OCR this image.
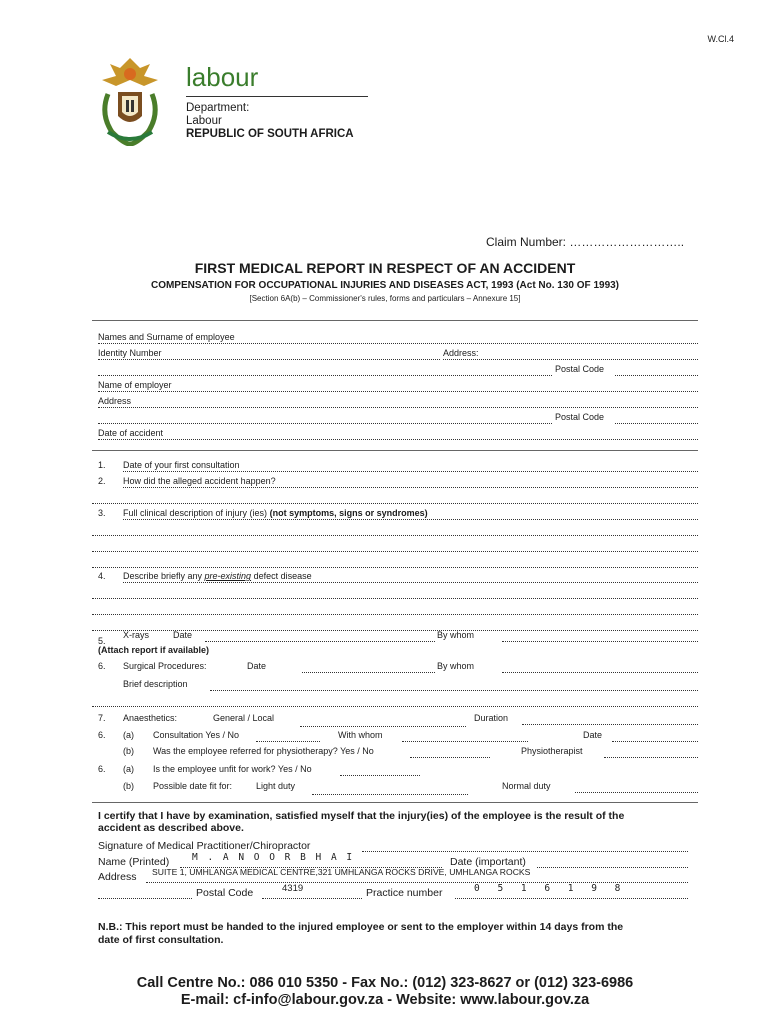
W.Cl.4
labour
Department:
Labour
REPUBLIC OF SOUTH AFRICA
Claim Number: ………………………..
FIRST MEDICAL REPORT IN RESPECT OF AN ACCIDENT
COMPENSATION FOR OCCUPATIONAL INJURIES AND DISEASES ACT, 1993 (Act No. 130 OF 1993)
[Section 6A(b) – Commissioner's rules, forms and particulars – Annexure 15]
Names and Surname of employee
Identity Number	Address:
Postal Code
Name of employer
Address
Postal Code
Date of accident
1. Date of your first consultation
2. How did the alleged accident happen?
3. Full clinical description of injury (ies) (not symptoms, signs or syndromes)
4. Describe briefly any pre-existing defect disease
5.
X-rays	Date	By whom
(Attach report if available)
6. Surgical Procedures:	Date	By whom
Brief description
7. Anaesthetics:	General / Local	Duration
6. (a) Consultation Yes / No	With whom	Date
(b) Was the employee referred for physiotherapy? Yes / No	Physiotherapist
6. (a) Is the employee unfit for work? Yes / No
(b) Possible date fit for:	Light duty	Normal duty
I certify that I have by examination, satisfied myself that the injury(ies) of the employee is the result of the
accident as described above.
Signature of Medical Practitioner/Chiropractor
Name (Printed) M . A N O O R B H A I	Date (important)
Address SUITE 1, UMHLANGA MEDICAL CENTRE,321 UMHLANGA ROCKS DRIVE, UMHLANGA ROCKS
Postal Code	4319	Practice number	0 5 1 6 1 9 8
N.B.: This report must be handed to the injured employee or sent to the employer within 14 days from the
date of first consultation.
Call Centre No.: 086 010 5350 - Fax No.: (012) 323-8627 or (012) 323-6986
E-mail: cf-info@labour.gov.za - Website: www.labour.gov.za
